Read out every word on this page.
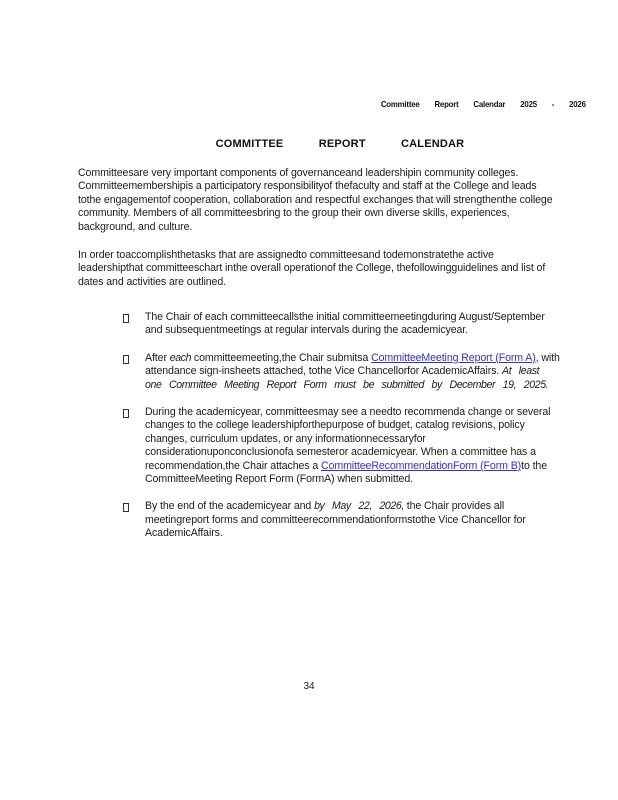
Committee Report Calendar 2025 - 2026
COMMITTEE REPORT CALENDAR
Committeesare very important components of governanceand leadershipin community colleges. Committeemembershipis a participatory responsibilityof thefaculty and staff at the College and leads tothe engagementof cooperation, collaboration and respectful exchanges that will strengthenthe college community. Members of all committeesbring to the group their own diverse skills, experiences, background, and culture.
In order toaccomplishthetasks that are assignedto committeesand todemonstratethe active leadershipthat committeeschart inthe overall operationof the College, thefollowingguidelines and list of dates and activities are outlined.
The Chair of each committeecallsthe initial committeemeetingduring August/September and subsequentmeetings at regular intervals during the academicyear.
After each committeemeeting,the Chair submitsa CommitteeMeeting Report (Form A), with attendance sign-insheets attached, tothe Vice Chancellorfor AcademicAffairs. At least one Committee Meeting Report Form must be submitted by December 19, 2025.
During the academicyear, committeesmay see a needto recommenda change or several changes to the college leadershipforthepurpose of budget, catalog revisions, policy changes, curriculum updates, or any informationnecessaryfor considerationuponconclusionofa semesteror academicyear. When a committee has a recommendation,the Chair attaches a CommitteeRecommendationForm (Form B)to the CommitteeMeeting Report Form (FormA) when submitted.
By the end of the academicyear and by May 22, 2026, the Chair provides all meetingreport forms and committeerecommendationformstothe Vice Chancellor for AcademicAffairs.
34
